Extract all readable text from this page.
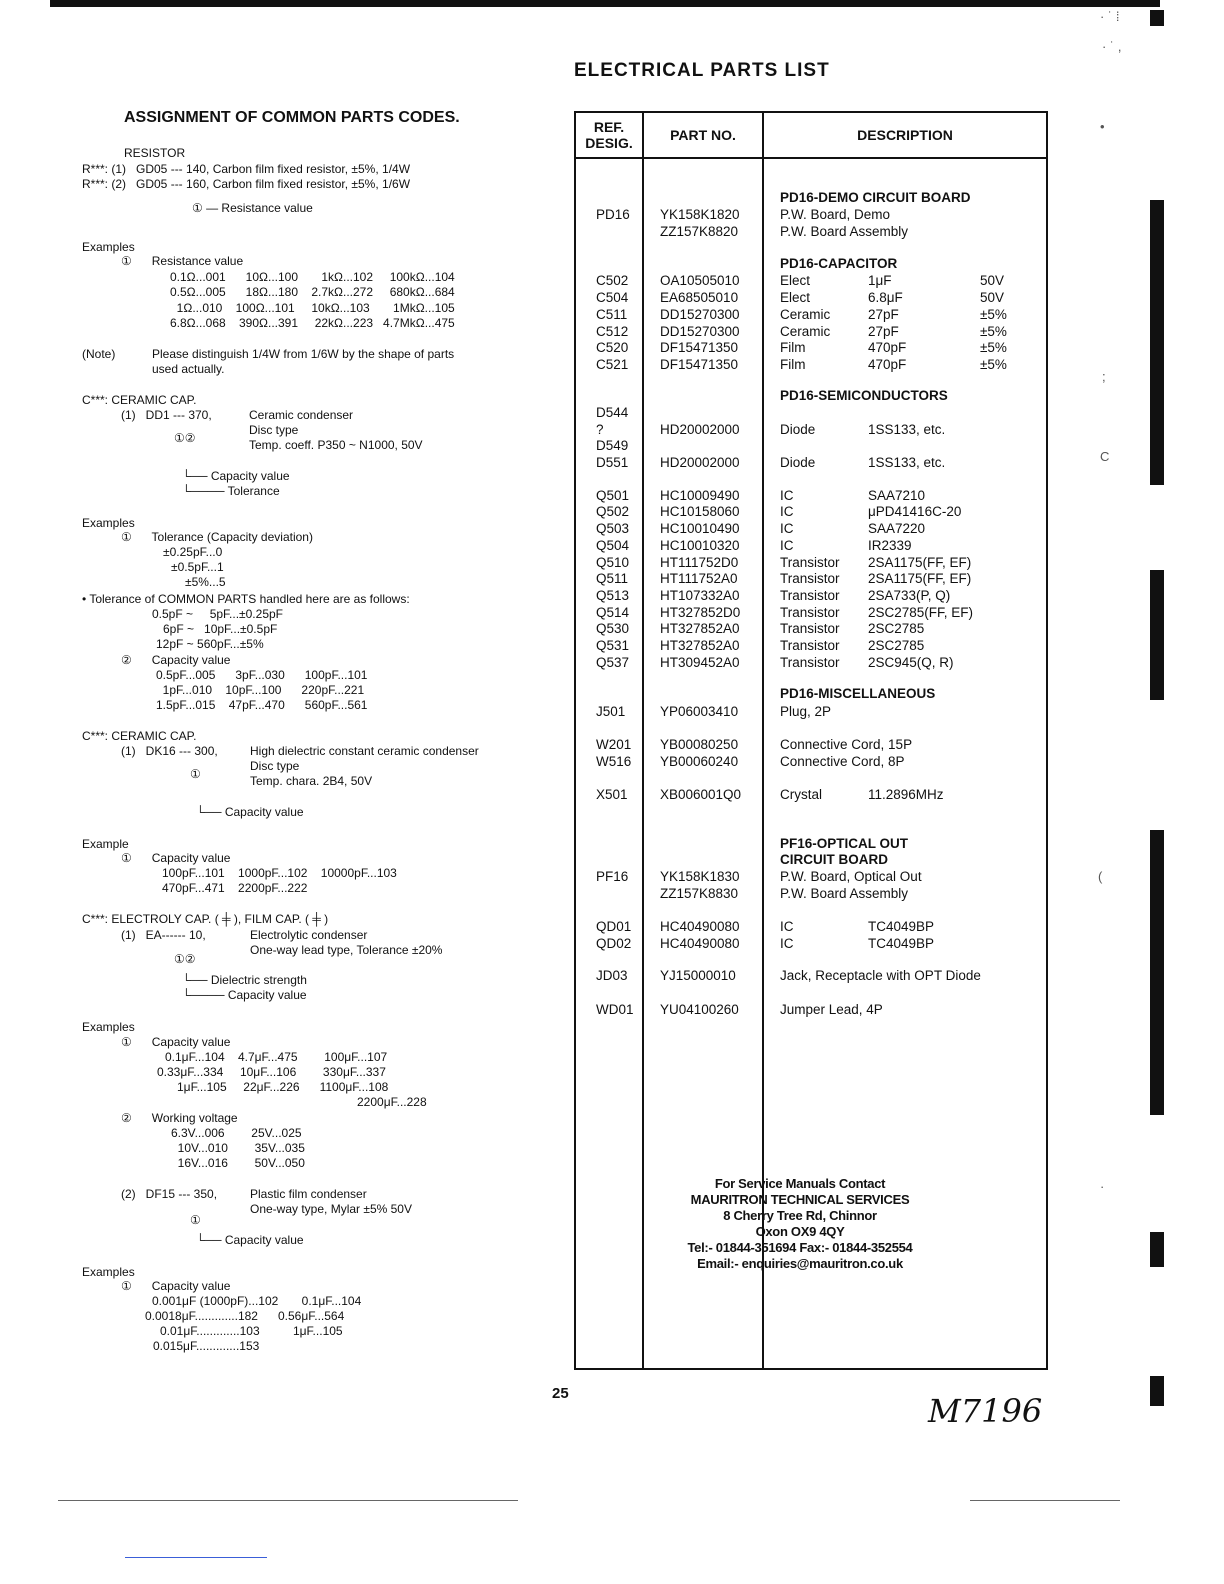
· ˙ ⁞
· ˙ ,
•
;
C
(
·
ELECTRICAL PARTS LIST
ASSIGNMENT OF COMMON PARTS CODES.
RESISTOR
R***: (1)   GD05 --- 140, Carbon film fixed resistor, ±5%, 1/4W
R***: (2)   GD05 --- 160, Carbon film fixed resistor, ±5%, 1/6W
① — Resistance value
Examples
①      Resistance value
0.1Ω...001      10Ω...100       1kΩ...102     100kΩ...104
0.5Ω...005      18Ω...180    2.7kΩ...272     680kΩ...684
1Ω...010    100Ω...101     10kΩ...103       1MkΩ...105
6.8Ω...068    390Ω...391     22kΩ...223   4.7MkΩ...475
(Note)	Please distinguish 1/4W from 1/6W by the shape of parts
used actually.
C***: CERAMIC CAP.
(1)   DD1 --- 370,	Ceramic condenser
Disc type
①②	Temp. coeff. P350 ~ N1000, 50V
└── Capacity value
└──── Tolerance
Examples
①      Tolerance (Capacity deviation)
±0.25pF...0
±0.5pF...1
±5%...5
• Tolerance of COMMON PARTS handled here are as follows:
0.5pF ~     5pF...±0.25pF
6pF ~   10pF...±0.5pF
12pF ~ 560pF...±5%
②      Capacity value
0.5pF...005      3pF...030      100pF...101
1pF...010    10pF...100      220pF...221
1.5pF...015    47pF...470      560pF...561
C***: CERAMIC CAP.
(1)   DK16 --- 300,	High dielectric constant ceramic condenser
Disc type
①	Temp. chara. 2B4, 50V
└── Capacity value
Example
①      Capacity value
100pF...101    1000pF...102    10000pF...103
470pF...471    2200pF...222
C***: ELECTROLY CAP. ( ╪ ), FILM CAP. ( ╪ )
(1)   EA------ 10,	Electrolytic condenser
One-way lead type, Tolerance ±20%
①②
└── Dielectric strength
└──── Capacity value
Examples
①      Capacity value
0.1μF...104    4.7μF...475        100μF...107
0.33μF...334     10μF...106        330μF...337
1μF...105     22μF...226      1100μF...108
2200μF...228
②      Working voltage
6.3V...006        25V...025
10V...010        35V...035
16V...016        50V...050
(2)   DF15 --- 350,	Plastic film condenser
One-way type, Mylar ±5% 50V
①
└── Capacity value
Examples
①      Capacity value
0.001μF (1000pF)...102       0.1μF...104
0.0018μF.............182      0.56μF...564
0.01μF.............103          1μF...105
0.015μF.............153
REF.
DESIG.	PART NO.	DESCRIPTION
PD16-DEMO CIRCUIT BOARD
PD16-CAPACITOR
PD16-SEMICONDUCTORS
PD16-MISCELLANEOUS
PF16-OPTICAL OUT
CIRCUIT BOARD
PD16 YK158K1820	P.W. Board, Demo
ZZ157K8820	P.W. Board Assembly
C502 OA10505010	Elect	1μF	50V
C504 EA68505010	Elect	6.8μF	50V
C511 DD15270300	Ceramic	27pF	±5%
C512 DD15270300	Ceramic	27pF	±5%
C520 DF15471350	Film	470pF	±5%
C521 DF15471350	Film	470pF	±5%
D544
?	HD20002000	Diode	1SS133, etc.
D549
D551 HD20002000	Diode	1SS133, etc.
Q501 HC10009490	IC	SAA7210
Q502 HC10158060	IC	μPD41416C-20
Q503 HC10010490	IC	SAA7220
Q504 HC10010320	IC	IR2339
Q510 HT111752D0	Transistor 2SA1175(FF, EF)
Q511 HT111752A0	Transistor 2SA1175(FF, EF)
Q513 HT107332A0	Transistor 2SA733(P, Q)
Q514 HT327852D0	Transistor 2SC2785(FF, EF)
Q530 HT327852A0	Transistor 2SC2785
Q531 HT327852A0	Transistor 2SC2785
Q537 HT309452A0	Transistor 2SC945(Q, R)
J501	YP06003410	Plug, 2P
W201 YB00080250	Connective Cord, 15P
W516 YB00060240	Connective Cord, 8P
X501 XB006001Q0	Crystal	11.2896MHz
PF16 YK158K1830	P.W. Board, Optical Out
ZZ157K8830	P.W. Board Assembly
QD01 HC40490080	IC	TC4049BP
QD02 HC40490080	IC	TC4049BP
JD03 YJ15000010	Jack, Receptacle with OPT Diode
WD01 YU04100260	Jumper Lead, 4P
For Service Manuals Contact
MAURITRON TECHNICAL SERVICES
8 Cherry Tree Rd, Chinnor
Oxon OX9 4QY
Tel:- 01844-351694 Fax:- 01844-352554
Email:- enquiries@mauritron.co.uk
25	M7196
